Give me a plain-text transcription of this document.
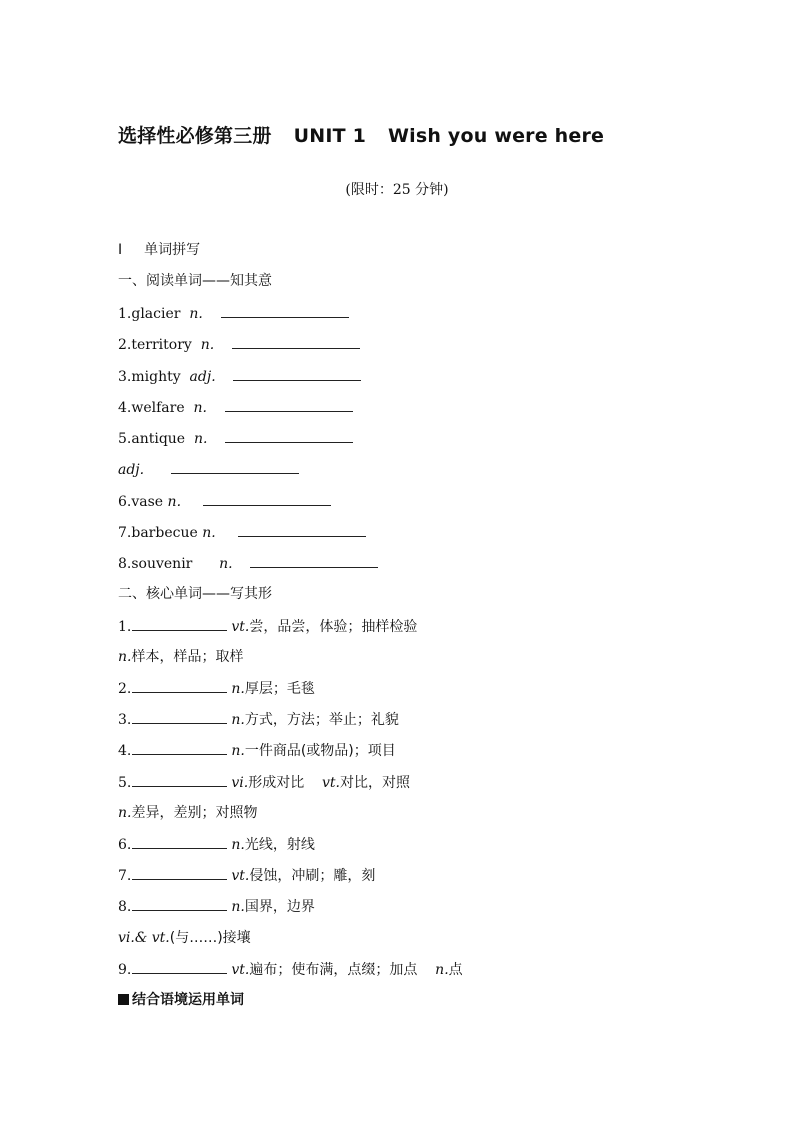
选择性必修第三册 UNIT 1 Wish you were here
(限时：25 分钟)
Ⅰ 单词拼写
一、阅读单词——知其意
1.glacier n.
2.territory n.
3.mighty adj.
4.welfare n.
5.antique n.
adj.
6.vase n.
7.barbecue n.
8.souvenir n.
二、核心单词——写其形
1.	vt.尝，品尝，体验；抽样检验
n.样本，样品；取样
2.	n.厚层；毛毯
3.	n.方式，方法；举止；礼貌
4.	n.一件商品(或物品)；项目
5.	vi.形成对比 vt.对比，对照
n.差异，差别；对照物
6.	n.光线，射线
7.	vt.侵蚀，冲刷；雕，刻
8.	n.国界，边界
vi.& vt.(与……)接壤
9.	vt.遍布；使布满，点缀；加点 n.点
结合语境运用单词
